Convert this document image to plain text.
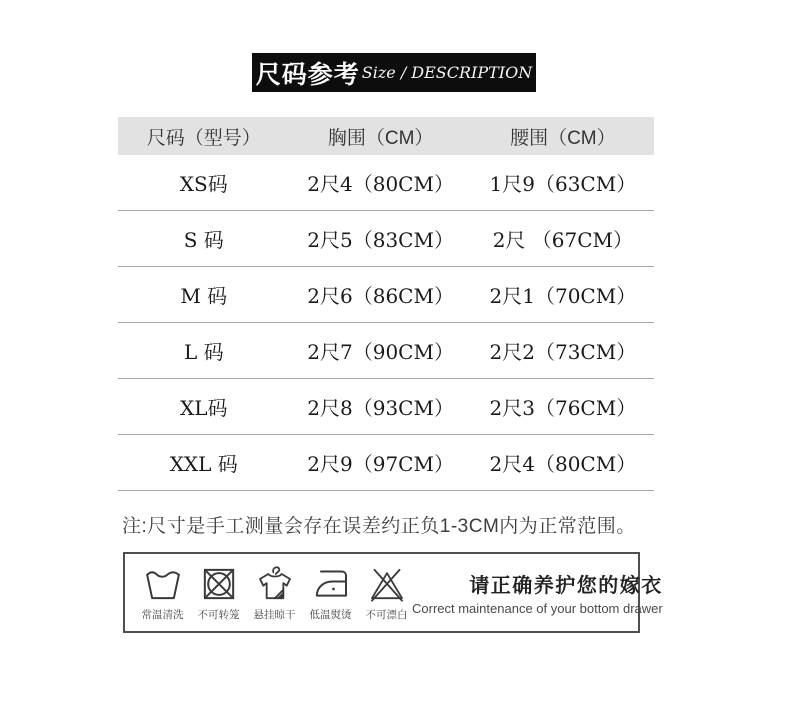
尺码参考 Size / DESCRIPTION
尺码（型号）	胸围（CM）	腰围（CM）
XS码	2尺4（80CM）	1尺9（63CM）
S 码	2尺5（83CM）	2尺 （67CM）
M 码	2尺6（86CM）	2尺1（70CM）
L 码	2尺7（90CM）	2尺2（73CM）
XL码	2尺8（93CM）	2尺3（76CM）
XXL 码	2尺9（97CM）	2尺4（80CM）
注:尺寸是手工测量会存在误差约正负1-3CM内为正常范围。
常温清洗	不可转笼	悬挂晾干	低温熨烫	不可漂白
请正确养护您的嫁衣
Correct maintenance of your bottom drawer
